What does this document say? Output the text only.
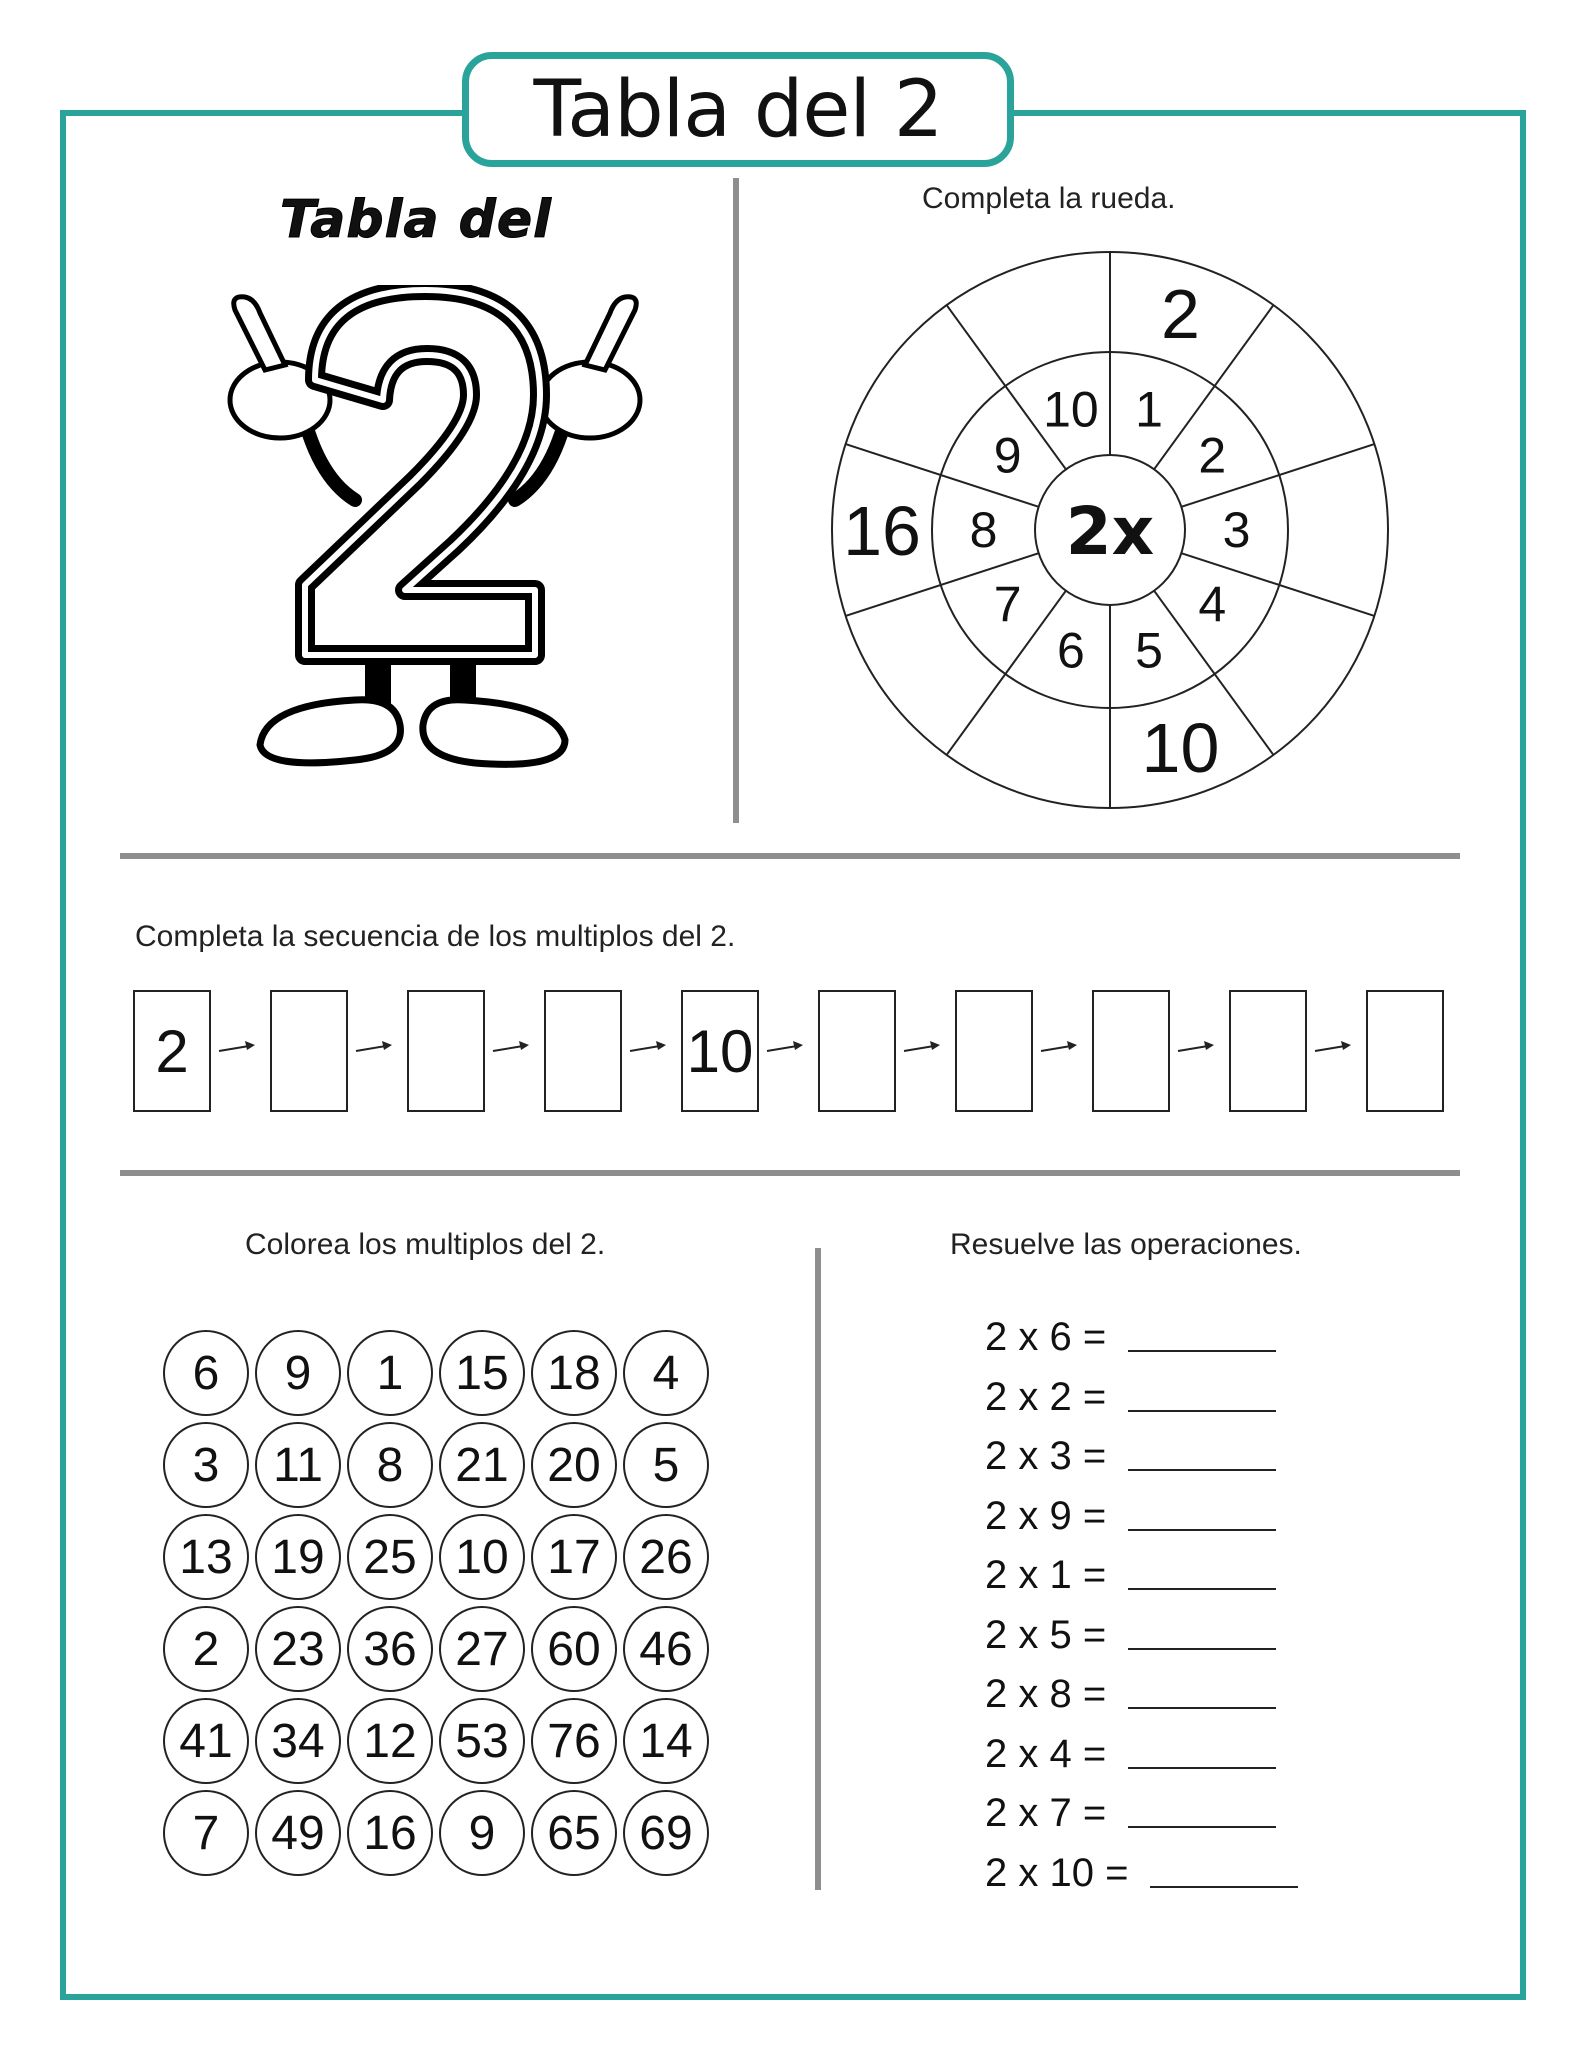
Tabla del 2
Tabla del	Completa la rueda.
1
2
3
4
5
6
7
8
9
10
2
10
16 2x
Completa la secuencia de los multiplos del 2.
2	10
Colorea los multiplos del 2.
6	9	1	15 18	4
3	11	8	21 20	5
13 19 25 10 17 26
2	23 36 27 60 46
41 34 12 53 76 14
7	49 16	9	65 69
Resuelve las operaciones.
2 x 6 =
2 x 2 =
2 x 3 =
2 x 9 =
2 x 1 =
2 x 5 =
2 x 8 =
2 x 4 =
2 x 7 =
2 x 10 =
